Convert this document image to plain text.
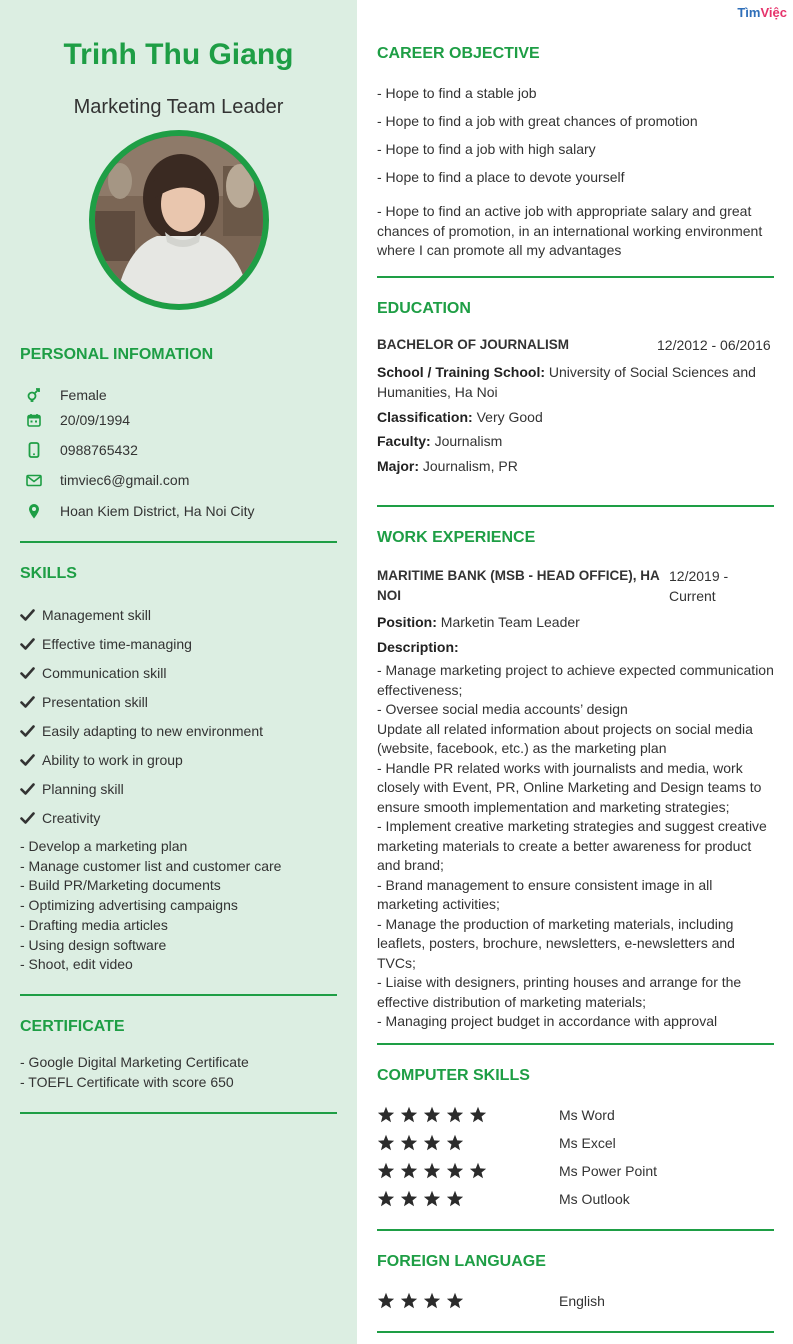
Trinh Thu Giang
Marketing Team Leader
PERSONAL INFOMATION
Female
20/09/1994
0988765432
timviec6@gmail.com
Hoan Kiem District, Ha Noi City
SKILLS
- Develop a marketing plan
- Manage customer list and customer care
- Build PR/Marketing documents
- Optimizing advertising campaigns
- Drafting media articles
- Using design software
- Shoot, edit video
CERTIFICATE
- Google Digital Marketing Certificate
- TOEFL Certificate with score 650
Management skill
Effective time-managing
Communication skill
Presentation skill
Easily adapting to new environment
Ability to work in group
Planning skill
Creativity
TìmViệc
CAREER OBJECTIVE
- Hope to find a stable job
- Hope to find a job with great chances of promotion
- Hope to find a job with high salary
- Hope to find a place to devote yourself
- Hope to find an active job with appropriate salary and great chances of promotion, in an international working environment where I can promote all my advantages
EDUCATION
BACHELOR OF JOURNALISM	12/2012 - 06/2016
School / Training School: University of Social Sciences and Humanities, Ha Noi
Classification: Very Good
Faculty: Journalism
Major: Journalism, PR
WORK EXPERIENCE
MARITIME BANK (MSB - HEAD OFFICE), HA NOI
12/2019 - Current
Position: Marketin Team Leader
Description:
- Manage marketing project to achieve expected communication effectiveness;
- Oversee social media accounts’ design
Update all related information about projects on social media (website, facebook, etc.) as the marketing plan
- Handle PR related works with journalists and media, work closely with Event, PR, Online Marketing and Design teams to ensure smooth implementation and marketing strategies;
- Implement creative marketing strategies and suggest creative marketing materials to create a better awareness for product and brand;
- Brand management to ensure consistent image in all marketing activities;
- Manage the production of marketing materials, including leaflets, posters, brochure, newsletters, e-newsletters and TVCs;
- Liaise with designers, printing houses and arrange for the effective distribution of marketing materials;
- Managing project budget in accordance with approval
COMPUTER SKILLS
FOREIGN LANGUAGE
Ms Word
Ms Excel
Ms Power Point
Ms Outlook
English
